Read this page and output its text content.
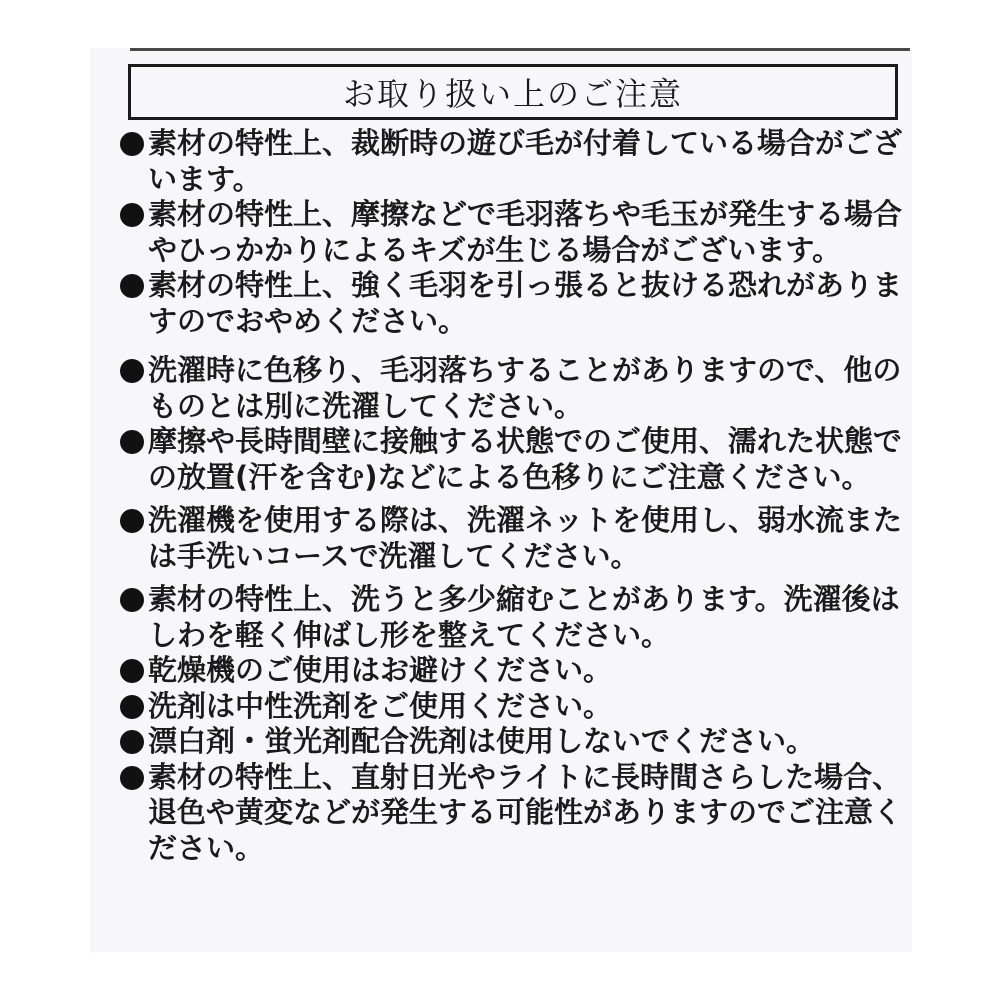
お取り扱い上のご注意
素材の特性上、裁断時の遊び毛が付着している場合がございます。
素材の特性上、摩擦などで毛羽落ちや毛玉が発生する場合やひっかかりによるキズが生じる場合がございます。
素材の特性上、強く毛羽を引っ張ると抜ける恐れがありますのでおやめください。
洗濯時に色移り、毛羽落ちすることがありますので、他のものとは別に洗濯してください。
摩擦や長時間壁に接触する状態でのご使用、濡れた状態での放置(汗を含む)などによる色移りにご注意ください。
洗濯機を使用する際は、洗濯ネットを使用し、弱水流または手洗いコースで洗濯してください。
素材の特性上、洗うと多少縮むことがあります。洗濯後はしわを軽く伸ばし形を整えてください。
乾燥機のご使用はお避けください。
洗剤は中性洗剤をご使用ください。
漂白剤・蛍光剤配合洗剤は使用しないでください。
素材の特性上、直射日光やライトに長時間さらした場合、退色や黄変などが発生する可能性がありますのでご注意ください。
